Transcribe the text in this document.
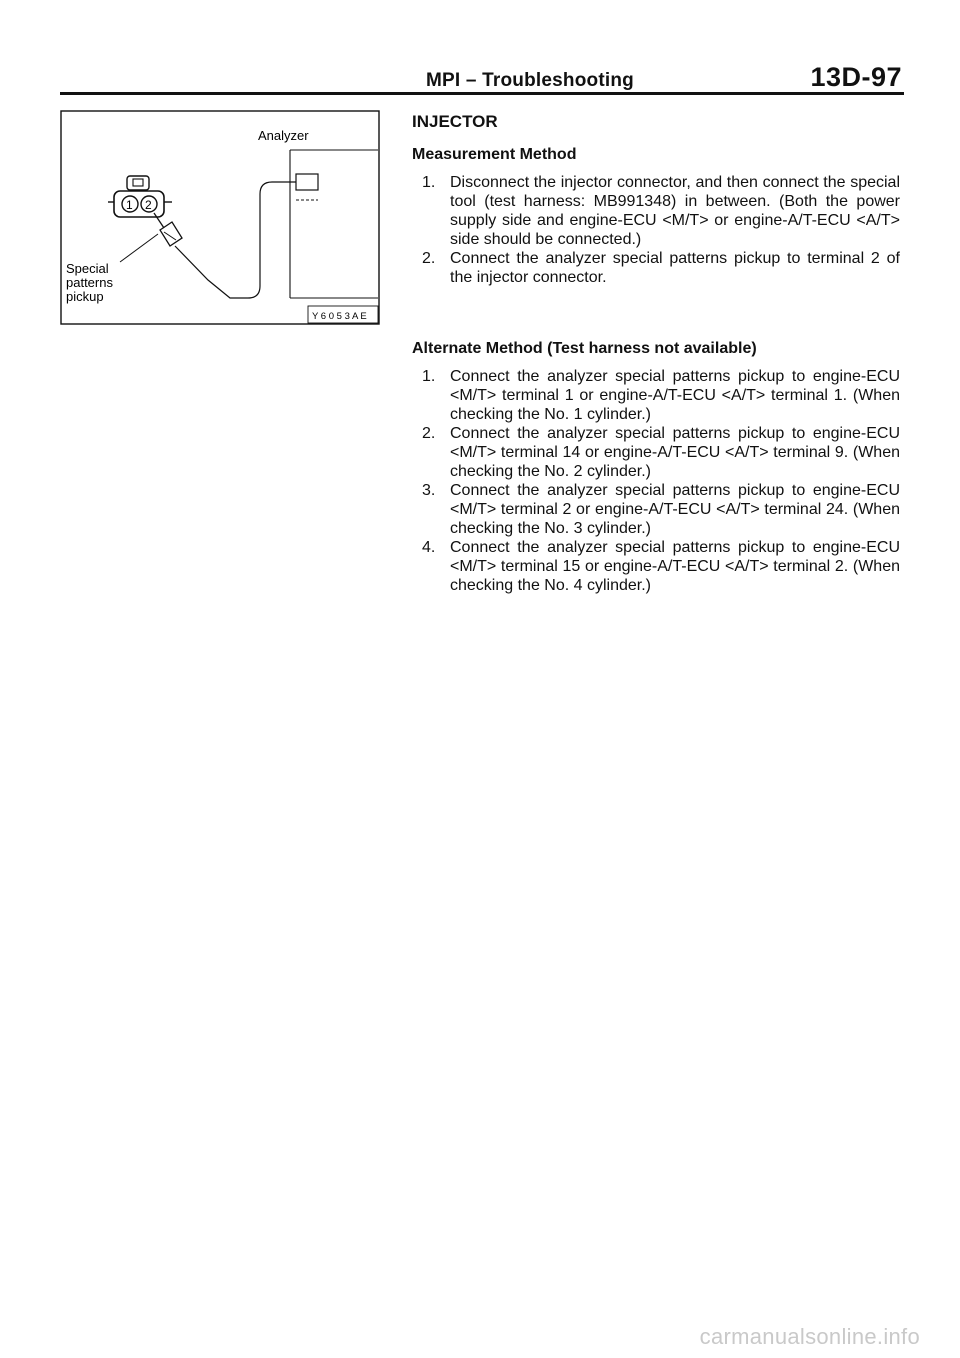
MPI – Troubleshooting	13D-97
Analyzer
1 2
Special
patterns
pickup
Y 6 0 5 3 A E
INJECTOR
Measurement Method
1. Disconnect the injector connector, and then connect the special tool (test harness: MB991348) in between. (Both the power supply side and engine-ECU <M/T> or engine-A/T-ECU <A/T> side should be connected.)
2. Connect the analyzer special patterns pickup to terminal 2 of the injector connector.
Alternate Method (Test harness not available)
1. Connect the analyzer special patterns pickup to engine-ECU <M/T> terminal 1 or engine-A/T-ECU <A/T> terminal 1. (When checking the No. 1 cylinder.)
2. Connect the analyzer special patterns pickup to engine-ECU <M/T> terminal 14 or engine-A/T-ECU <A/T> terminal 9. (When checking the No. 2 cylinder.)
3. Connect the analyzer special patterns pickup to engine-ECU <M/T> terminal 2 or engine-A/T-ECU <A/T> terminal 24. (When checking the No. 3 cylinder.)
4. Connect the analyzer special patterns pickup to engine-ECU <M/T> terminal 15 or engine-A/T-ECU <A/T> terminal 2. (When checking the No. 4 cylinder.)
carmanualsonline.info
